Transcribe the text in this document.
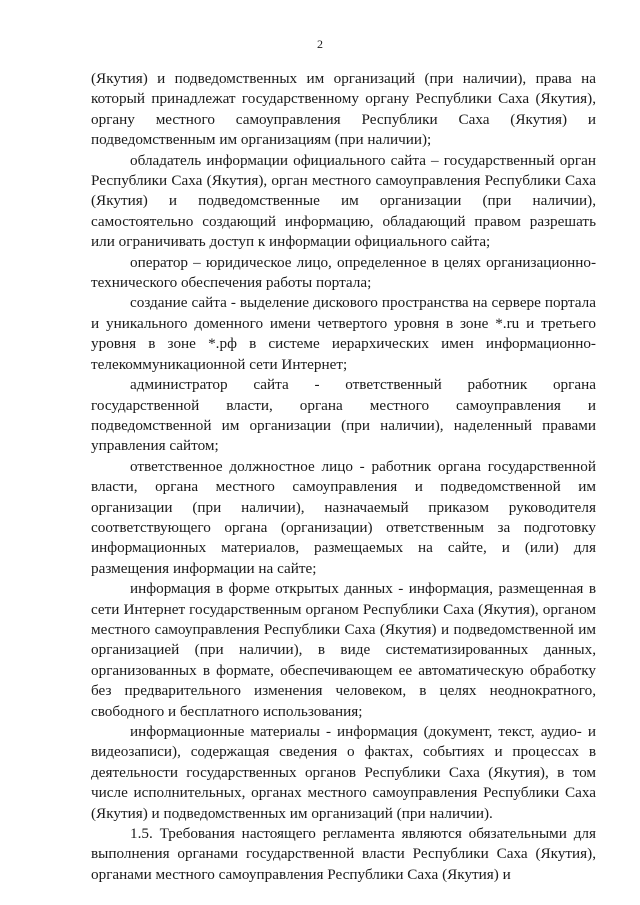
2

(Якутия) и подведомственных им организаций (при наличии), права на который принадлежат государственному органу Республики Саха (Якутия), органу местного самоуправления Республики Саха (Якутия) и подведомственным им организациям (при наличии);

обладатель информации официального сайта – государственный орган Республики Саха (Якутия), орган местного самоуправления Республики Саха (Якутия) и подведомственные им организации (при наличии), самостоятельно создающий информацию, обладающий правом разрешать или ограничивать доступ к информации официального сайта;

оператор – юридическое лицо, определенное в целях организационно-технического обеспечения работы портала;

создание сайта - выделение дискового пространства на сервере портала и уникального доменного имени четвертого уровня в зоне *.ru и третьего уровня в зоне *.рф в системе иерархических имен информационно-телекоммуникационной сети Интернет;

администратор сайта - ответственный работник органа государственной власти, органа местного самоуправления и подведомственной им организации (при наличии), наделенный правами управления сайтом;

ответственное должностное лицо - работник органа государственной власти, органа местного самоуправления и подведомственной им организации (при наличии), назначаемый приказом руководителя соответствующего органа (организации) ответственным за подготовку информационных материалов, размещаемых на сайте, и (или) для размещения информации на сайте;

информация в форме открытых данных - информация, размещенная в сети Интернет государственным органом Республики Саха (Якутия), органом местного самоуправления Республики Саха (Якутия) и подведомственной им организацией (при наличии), в виде систематизированных данных, организованных в формате, обеспечивающем ее автоматическую обработку без предварительного изменения человеком, в целях неоднократного, свободного и бесплатного использования;

информационные материалы - информация (документ, текст, аудио- и видеозаписи), содержащая сведения о фактах, событиях и процессах в деятельности государственных органов Республики Саха (Якутия), в том числе исполнительных, органах местного самоуправления Республики Саха (Якутия) и подведомственных им организаций (при наличии).

1.5. Требования настоящего регламента являются обязательными для выполнения органами государственной власти Республики Саха (Якутия), органами местного самоуправления Республики Саха (Якутия) и
